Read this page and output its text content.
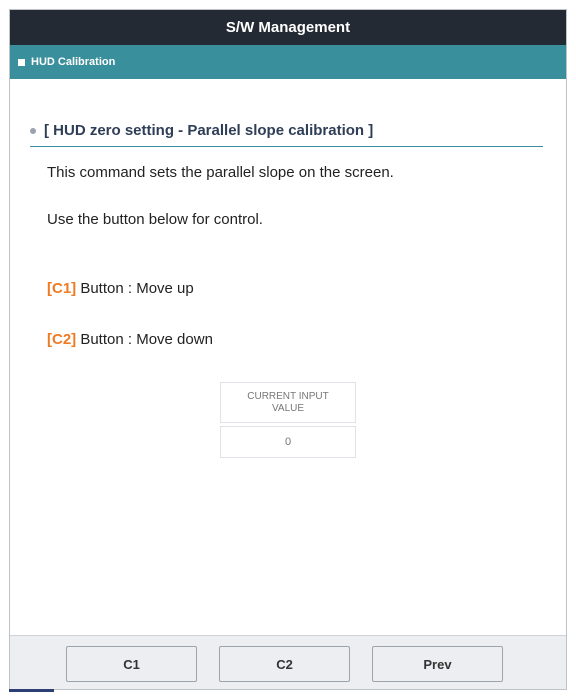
S/W Management
HUD Calibration
[ HUD zero setting - Parallel slope calibration ]
This command sets the parallel slope on the screen.
Use the button below for control.
[C1] Button : Move up
[C2] Button : Move down
CURRENT INPUT VALUE
0
C1	C2	Prev
